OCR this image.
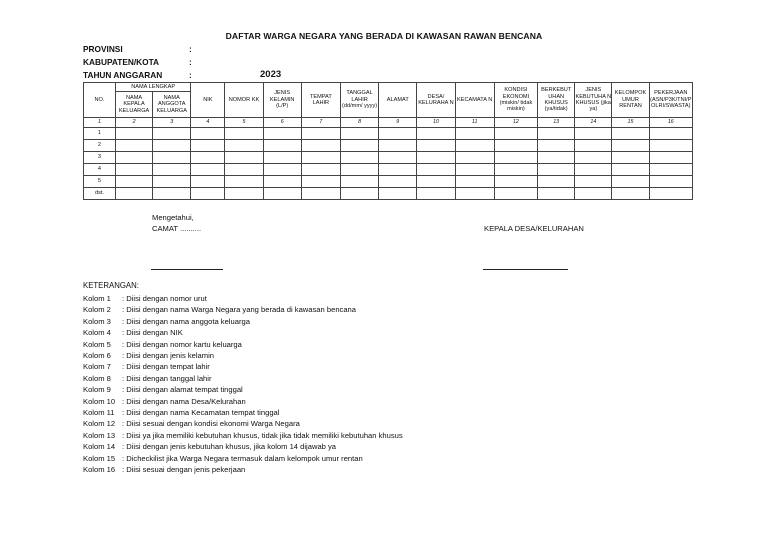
DAFTAR WARGA NEGARA YANG BERADA DI KAWASAN RAWAN BENCANA
PROVINSI	:
KABUPATEN/KOTA	:
TAHUN ANGGARAN	:	2023
NO.	NAMA LENGKAP		NIK	NOMOR KK	JENIS KELAMIN (L/P)	TEMPAT LAHIR	TANGGAL LAHIR (dd/mm/ yyyy)	ALAMAT	DESA/ KELURAHA N	KECAMATA N	KONDISI EKONOMI (miskin/ tidak miskin)	BERKEBUT UHAN KHUSUS (ya/tidak)	JENIS KEBUTUHA N KHUSUS (jika ya)	KELOMPOK UMUR RENTAN	PEKERJAAN (ASN/P3K/TNI/P OLRI/SWASTA)
	NAMA KEPALA KELUARGA	NAMA ANGGOTA KELUARGA													
1	2	3	4	5	6	7	8	9	10	11	12	13	14	15	16
1															
2															
3															
4															
5															
dst.															
Mengetahui,
CAMAT ..........	KEPALA DESA/KELURAHAN
KETERANGAN:
Kolom 1 : Diisi dengan nomor urut
Kolom 2 : Diisi dengan nama Warga Negara yang berada di kawasan bencana
Kolom 3 : Diisi dengan nama anggota keluarga
Kolom 4 : Diisi dengan NIK
Kolom 5 : Diisi dengan nomor kartu keluarga
Kolom 6 : Diisi dengan jenis kelamin
Kolom 7 : Diisi dengan tempat lahir
Kolom 8 : Diisi dengan tanggal lahir
Kolom 9 : Diisi dengan alamat tempat tinggal
Kolom 10 : Diisi dengan nama Desa/Kelurahan
Kolom 11 : Diisi dengan nama Kecamatan tempat tinggal
Kolom 12 : Diisi sesuai dengan kondisi ekonomi Warga Negara
Kolom 13 : Diisi ya jika memiliki kebutuhan khusus, tidak jika tidak memiliki kebutuhan khusus
Kolom 14 : Diisi dengan jenis kebutuhan khusus, jika kolom 14 dijawab ya
Kolom 15 : Dicheckilist jika Warga Negara termasuk dalam kelompok umur rentan
Kolom 16 : Diisi sesuai dengan jenis pekerjaan
